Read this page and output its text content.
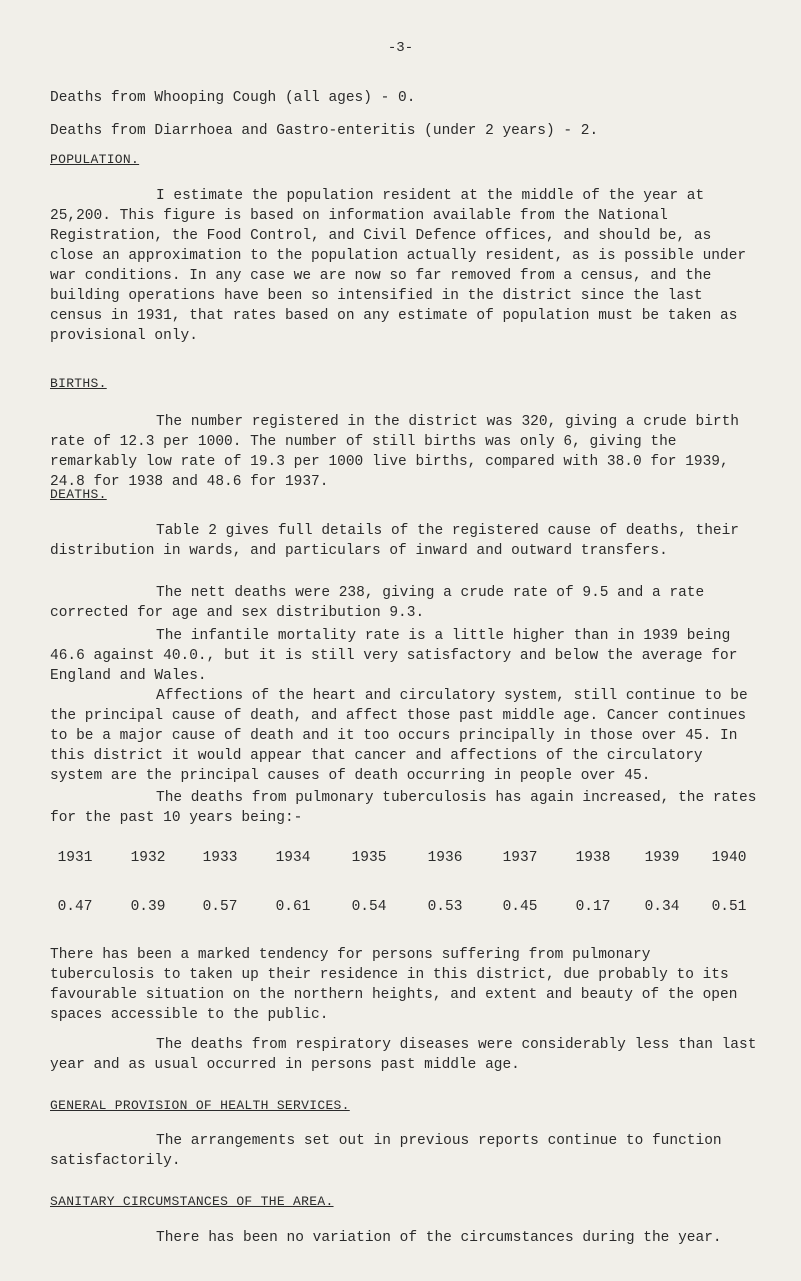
-3-

Deaths from Whooping Cough (all ages) - 0.

Deaths from Diarrhoea and Gastro-enteritis (under 2 years) - 2.

POPULATION.

I estimate the population resident at the middle of the year at 25,200. This figure is based on information available from the National Registration, the Food Control, and Civil Defence offices, and should be, as close an approximation to the population actually resident, as is possible under war conditions. In any case we are now so far removed from a census, and the building operations have been so intensified in the district since the last census in 1931, that rates based on any estimate of population must be taken as provisional only.

BIRTHS.

The number registered in the district was 320, giving a crude birth rate of 12.3 per 1000. The number of still births was only 6, giving the remarkably low rate of 19.3 per 1000 live births, compared with 38.0 for 1939, 24.8 for 1938 and 48.6 for 1937.

DEATHS.

Table 2 gives full details of the registered cause of deaths, their distribution in wards, and particulars of inward and outward transfers.

The nett deaths were 238, giving a crude rate of 9.5 and a rate corrected for age and sex distribution 9.3.

The infantile mortality rate is a little higher than in 1939 being 46.6 against 40.0., but it is still very satisfactory and below the average for England and Wales.

Affections of the heart and circulatory system, still continue to be the principal cause of death, and affect those past middle age. Cancer continues to be a major cause of death and it too occurs principally in those over 45. In this district it would appear that cancer and affections of the circulatory system are the principal causes of death occurring in people over 45.

The deaths from pulmonary tuberculosis has again increased, the rates for the past 10 years being:-

1931	1932	1933	1934	1935	1936	1937	1938	1939	1940
0.47	0.39	0.57	0.61	0.54	0.53	0.45	0.17	0.34	0.51

There has been a marked tendency for persons suffering from pulmonary tuberculosis to taken up their residence in this district, due probably to its favourable situation on the northern heights, and extent and beauty of the open spaces accessible to the public.

The deaths from respiratory diseases were considerably less than last year and as usual occurred in persons past middle age.

GENERAL PROVISION OF HEALTH SERVICES.

The arrangements set out in previous reports continue to function satisfactorily.

SANITARY CIRCUMSTANCES OF THE AREA.

There has been no variation of the circumstances during the year.
